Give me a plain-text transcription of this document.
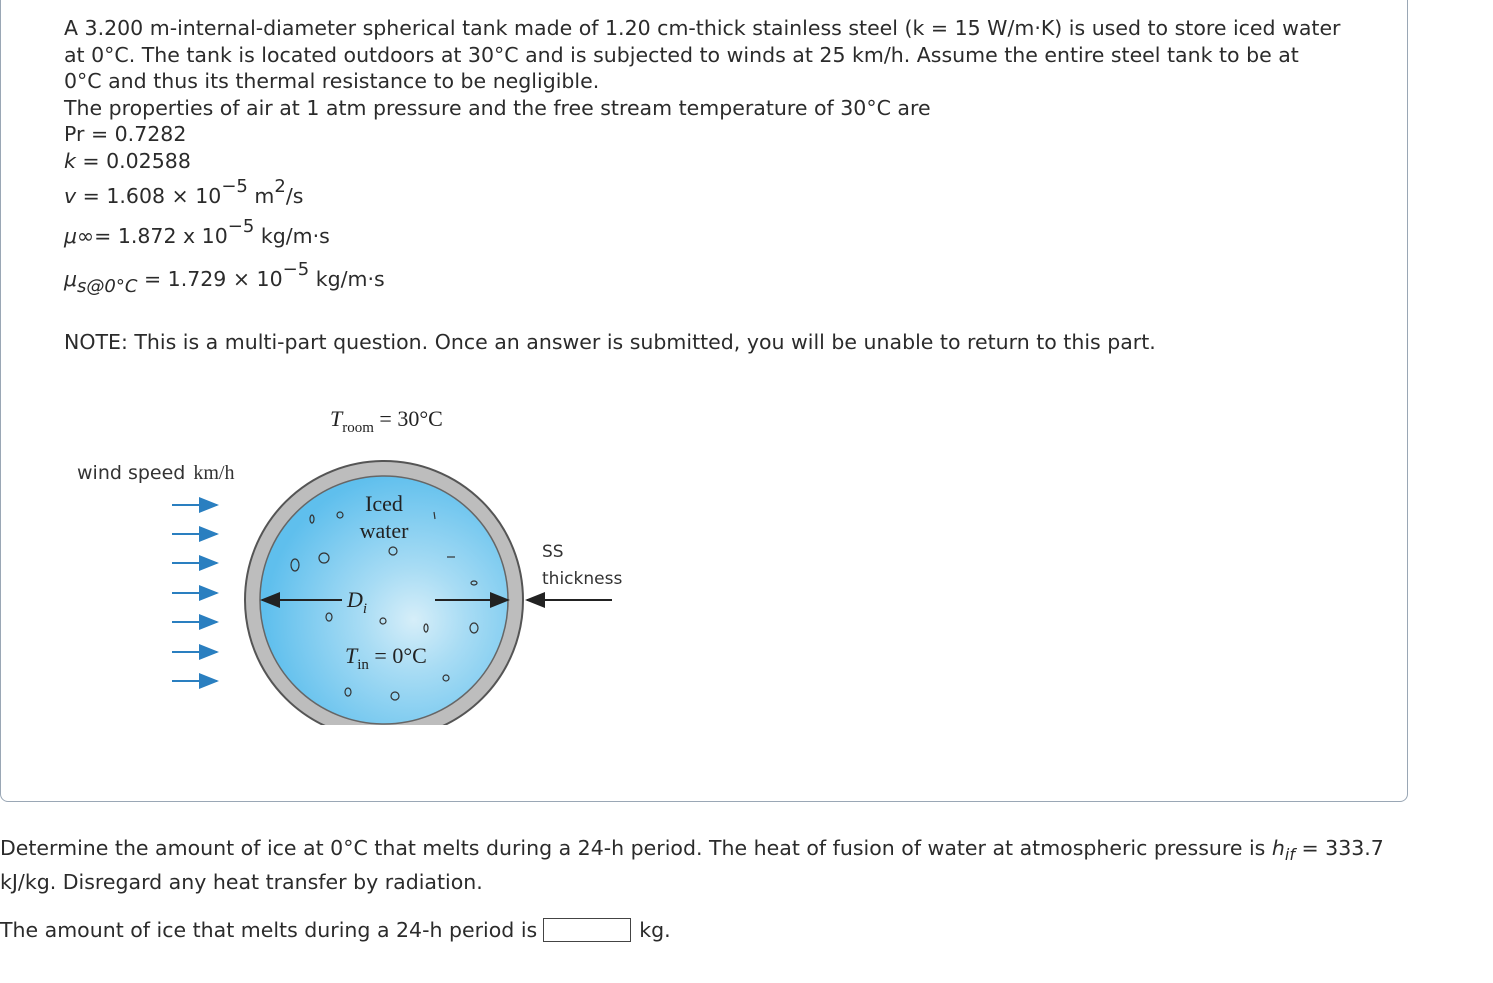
A 3.200 m-internal-diameter spherical tank made of 1.20 cm-thick stainless steel (k = 15 W/m·K) is used to store iced water
at 0°C. The tank is located outdoors at 30°C and is subjected to winds at 25 km/h. Assume the entire steel tank to be at
0°C and thus its thermal resistance to be negligible.
The properties of air at 1 atm pressure and the free stream temperature of 30°C are
Pr = 0.7282
k = 0.02588
$v = 1.608 \times 10^{-5}$ $m^2/s$
μ∞= 1.872 x $10^{-5}$ kg/m·s
μs@0°C = $1.729 \times 10^{-5}$ kg/m·s
NOTE: This is a multi-part question. Once an answer is submitted, you will be unable to return to this part.
$T_{room} = 30^\circ C$
wind speed km/h
Iced
water
$D_i$
$T_{in} = 0^\circ C$
SS
thickness
Determine the amount of ice at 0°C that melts during a 24-h period. The heat of fusion of water at atmospheric pressure is $h_{if} = 333.7$ kJ/kg. Disregard any heat transfer by radiation.
The amount of ice that melts during a 24-h period is	kg.
